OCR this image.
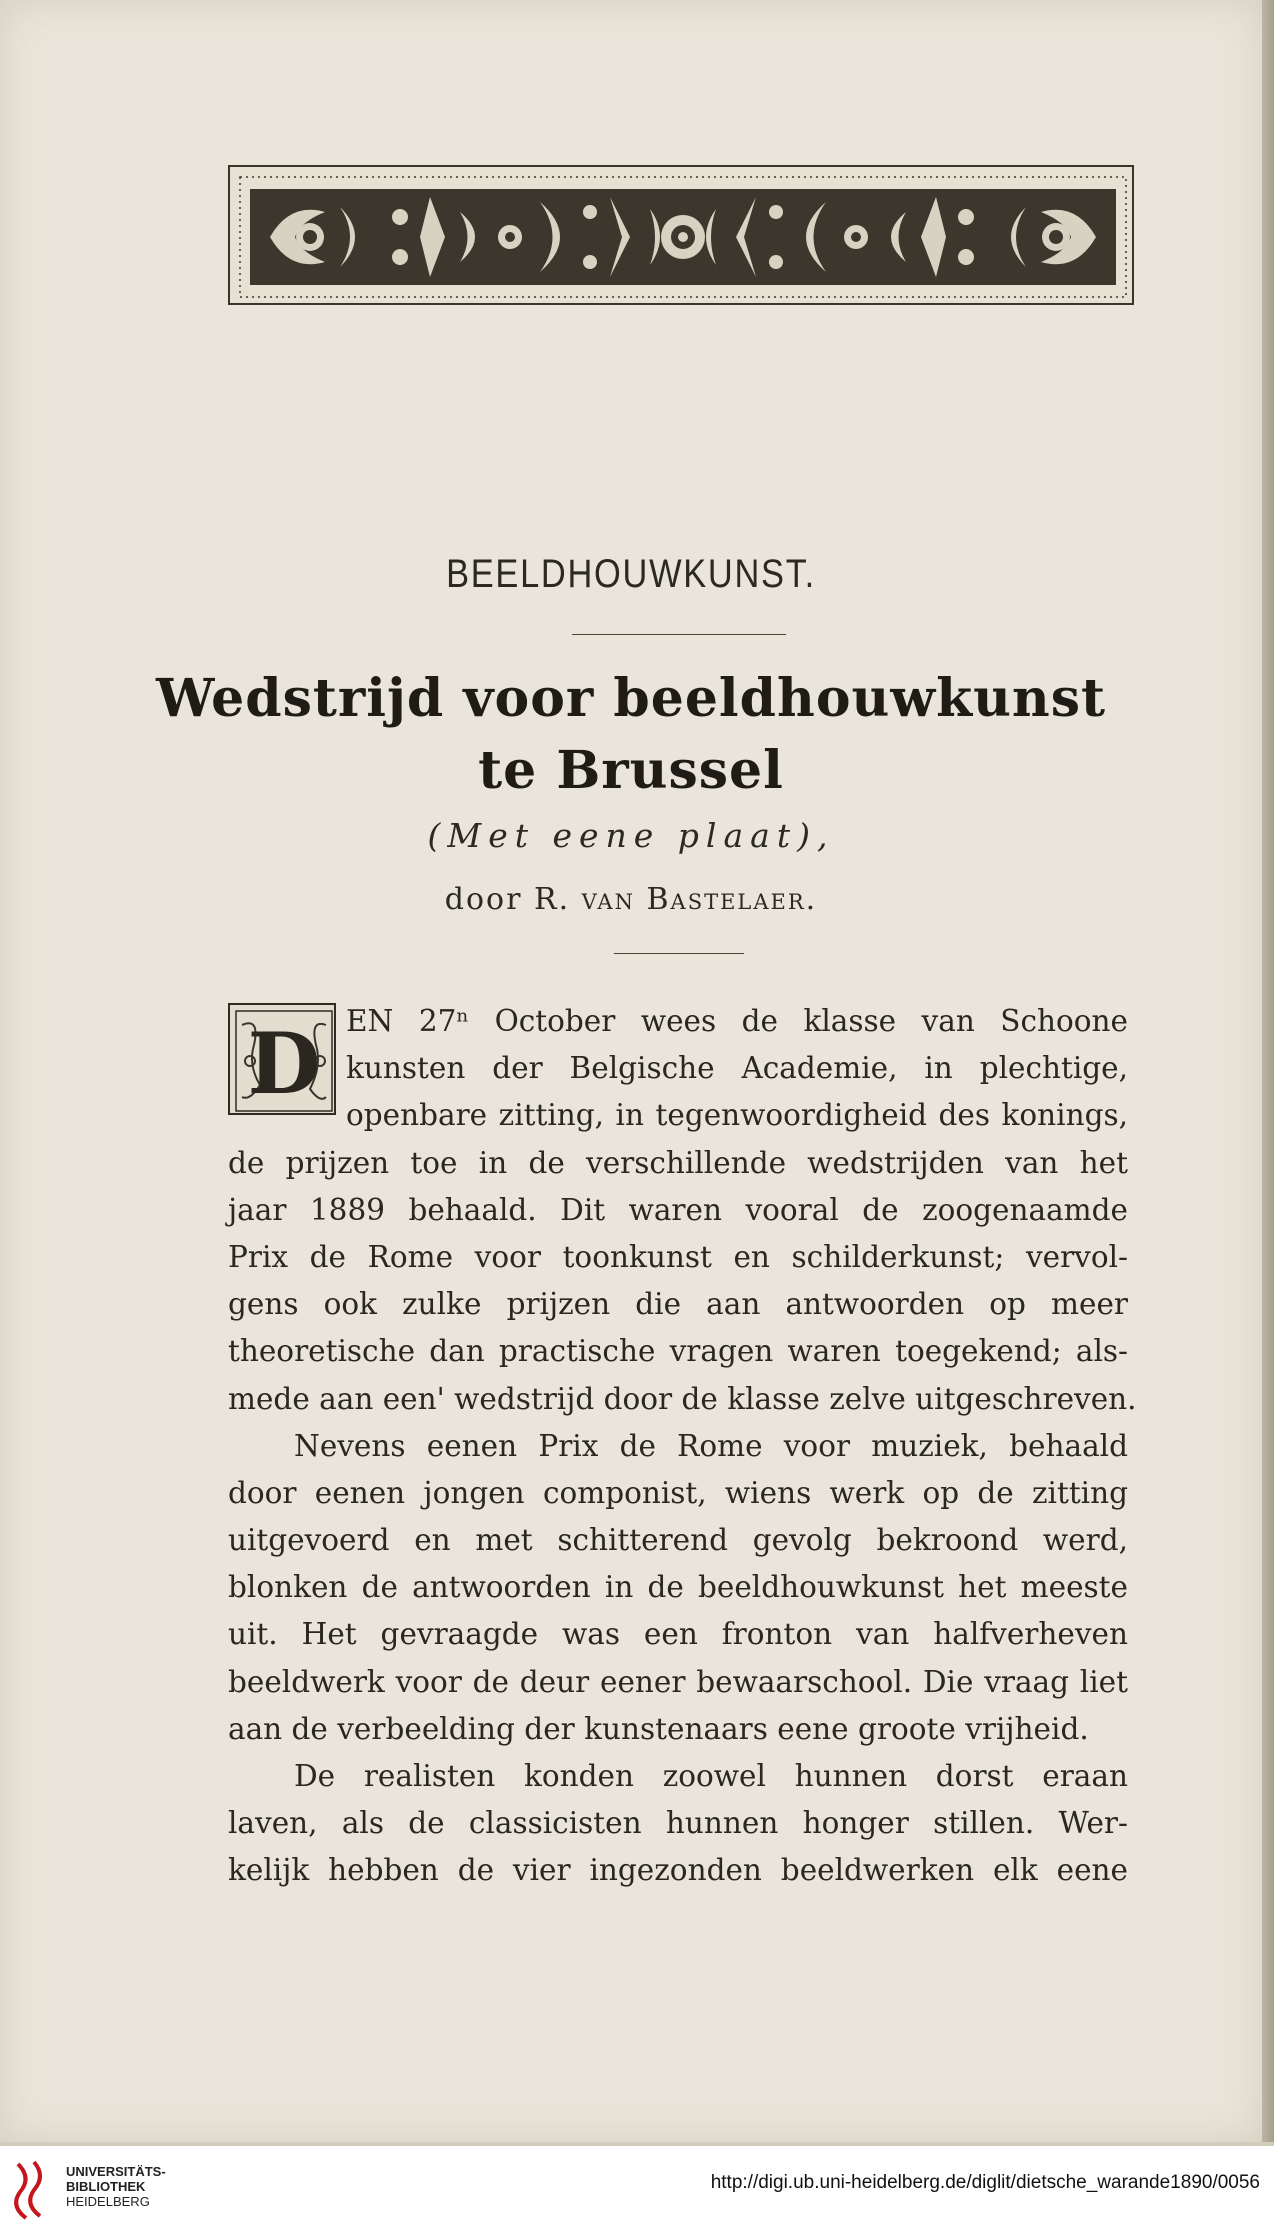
BEELDHOUWKUNST.
Wedstrijd voor beeldhouwkunst
te Brussel
(Met eene plaat),
door R. van Bastelaer.
D EN 27ⁿ October wees de klasse van Schoone
kunsten der Belgische Academie, in plechtige,
openbare zitting, in tegenwoordigheid des konings,
de prijzen toe in de verschillende wedstrijden van het
jaar 1889 behaald. Dit waren vooral de zoogenaamde
Prix de Rome voor toonkunst en schilderkunst; vervol-
gens ook zulke prijzen die aan antwoorden op meer
theoretische dan practische vragen waren toegekend; als-
mede aan een' wedstrijd door de klasse zelve uitgeschreven.
Nevens eenen Prix de Rome voor muziek, behaald
door eenen jongen componist, wiens werk op de zitting
uitgevoerd en met schitterend gevolg bekroond werd,
blonken de antwoorden in de beeldhouwkunst het meeste
uit. Het gevraagde was een fronton van halfverheven
beeldwerk voor de deur eener bewaarschool. Die vraag liet
aan de verbeelding der kunstenaars eene groote vrijheid.
De realisten konden zoowel hunnen dorst eraan
laven, als de classicisten hunnen honger stillen. Wer-
kelijk hebben de vier ingezonden beeldwerken elk eene
UNIVERSITÄTS-
BIBLIOTHEK
HEIDELBERG
http://digi.ub.uni-heidelberg.de/diglit/dietsche_warande1890/0056
